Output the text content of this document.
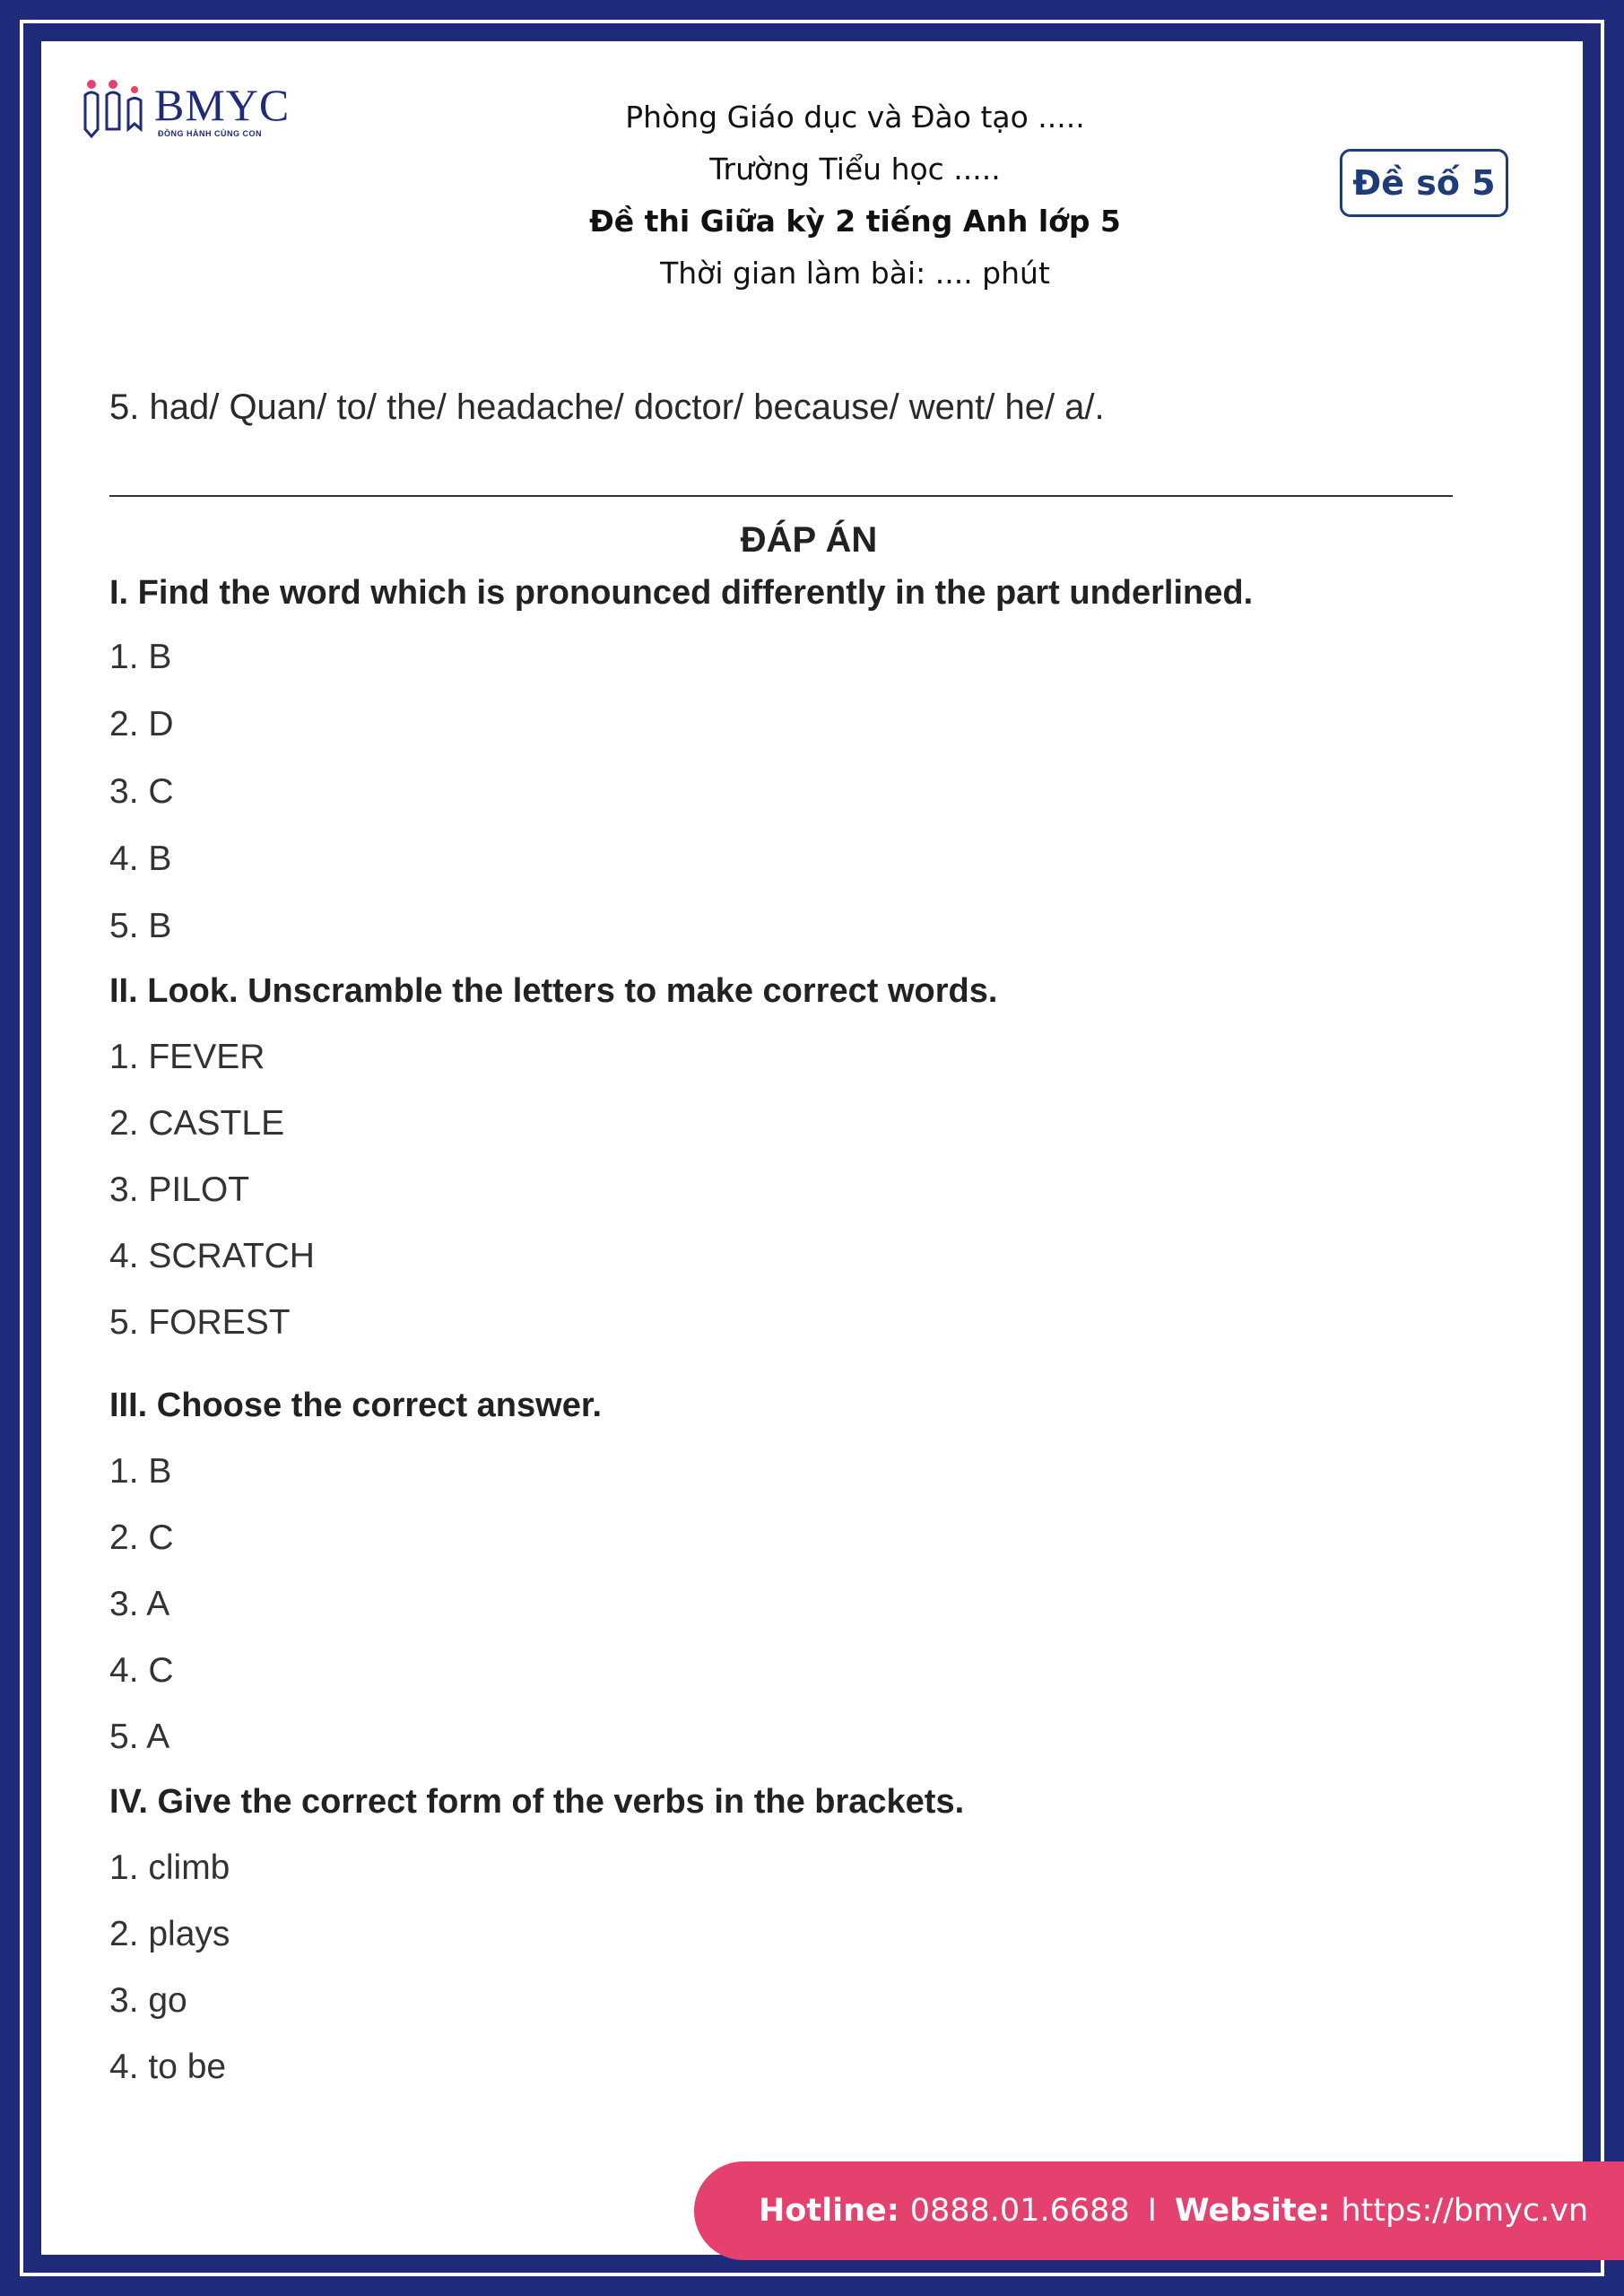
BMYC
ĐỒNG HÀNH CÙNG CON	Phòng Giáo dục và Đào tạo .....
Trường Tiểu học .....
Đề thi Giữa kỳ 2 tiếng Anh lớp 5
Thời gian làm bài: .... phút
Đề số 5
5. had/ Quan/ to/ the/ headache/ doctor/ because/ went/ he/ a/.
ĐÁP ÁN
I. Find the word which is pronounced differently in the part underlined.
1. B
2. D
3. C
4. B
5. B
II. Look. Unscramble the letters to make correct words.
1. FEVER
2. CASTLE
3. PILOT
4. SCRATCH
5. FOREST
III. Choose the correct answer.
1. B
2. C
3. A
4. C
5. A
IV. Give the correct form of the verbs in the brackets.
1. climb
2. plays
3. go
4. to be
Hotline: 0888.01.6688 I Website: https://bmyc.vn
